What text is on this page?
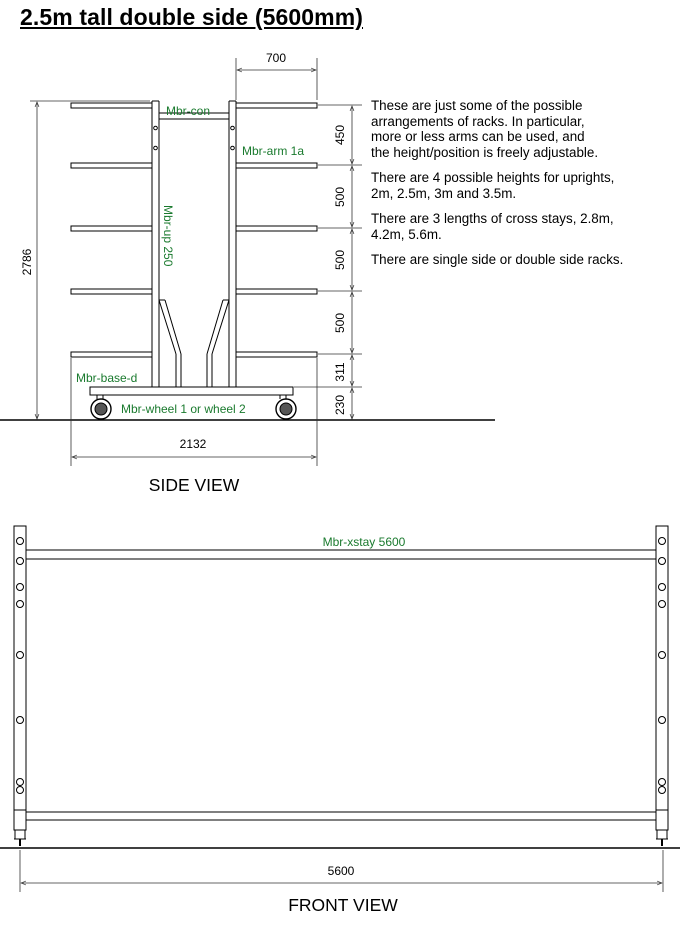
2.5m tall double side (5600mm)

These are just some of the possible
arrangements of racks. In particular,
more or less arms can be used, and
the height/position is freely adjustable.

There are 4 possible heights for uprights,
2m, 2.5m, 3m and 3.5m.

There are 3 lengths of cross stays, 2.8m,
4.2m, 5.6m.

There are single side or double side racks.

700
2786
2132
450
500
500
500
311
230
Mbr-con
Mbr-arm 1a
Mbr-up 250
Mbr-base-d
Mbr-wheel 1 or wheel 2
SIDE VIEW
Mbr-xstay 5600
5600
FRONT VIEW
